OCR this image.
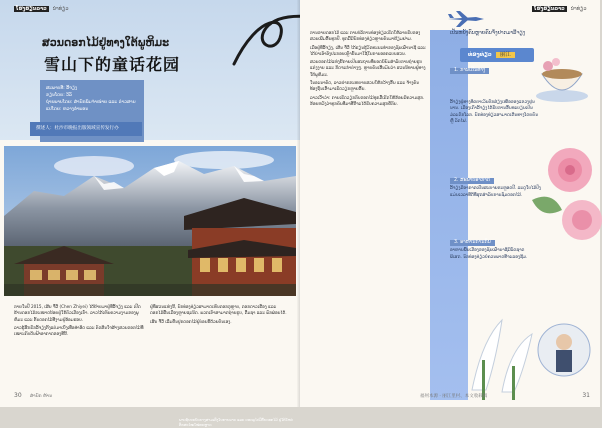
ໂຮງຮຽນລາວ	ນຳທ່ຽວ
ສວນດອກໄມ້ຢູ່ທາງໃຕ້ພູຫິມະ
雪山下的童话花园
ສະພາບທີ່: ລີ້ຈຽງ
ຂຽນໂດຍ: ວິລ໌
ຖ່າຍພາບໂດຍ: ສຳນັກພິມຈຳໜ່າຍ ແລະ ຂ່າວສານ
ແປໂດຍ: ຫວາງອຳພອນ
撰述人：杜沙市晚报出版领域宣传发行办
ພາບຊົນນະບົດນາງສາມເຄິ່ງໃນການລາຍ ແລະ ຍອດພູໄປມີຕົ້ນດອກໄມ້ ຢູ່ໃກ້ໃຫຍ່ ຕຶກສະໄໝໃໝ່ຕະຫຼາດ

ກາຍໃນປີ 2015, ເສີນ ຈື່ວີ່ (Chen Zhiyei) ໄດ້ຍ້າຍມາຢູ່ທີ່ລີ້ຈຽງ ແລະ ເປີດຮ້ານດອກໄມ້ຂະໜາດນ້ອຍຢູ່ໃກ້ຕົວເມືອງເກົ່າ. ລາວໄດ້ເຫັນຄວາມງາມຂອງພູຫິມະ ແລະ ຕົ້ນດອກໄມ້ທີ່ງາມຢູ່ອ້ອມຮອບ.

ລາວຮູ້ສຶກຮັກລີ້ຈຽງຕັ້ງແຕ່ມາເບິ່ງເທື່ອທຳອິດ ແລະ ຕັດສິນໃຈສ້າງສວນດອກໄມ້ທີ່ເໝາະກັບດິນຟ້າອາກາດຂອງທີ່ນີ້.

ຢູ່ທີ່ສວນແຫ່ງນີ້, ນັກທ່ອງທ່ຽວສາມາດເຫັນດອກກຸຫຼາບ, ດອກດາວເຮືອງ ແລະ ດອກໄມ້ພື້ນເມືອງຫຼາຍຊະນິດ. ພວກເຂົາສາມາດຖ່າຍຮູບ, ດື່ມຊາ ແລະ ພັກຜ່ອນໄດ້.

ເສີນ ຈື່ວີ່ ເລີ່ມຕົ້ນປູກດອກໄມ້ຢູ່ບ່ອນນີ້ດ້ວຍຕົນເອງ.

30 ສຳນັກ ຫ້ານ
ໂຮງຮຽນລາວ	ນຳທ່ຽວ

ການຂາຍດອກໄມ້ ແລະ ການບໍລິການທ່ອງທ່ຽວເຮັດໃຫ້ລາຍຮັບຂອງສວນເພີ່ມຂຶ້ນທຸກປີ. ທຸກມື້ມີນັກທ່ອງທ່ຽວຫຼາຍຄົນມາຢ້ຽມຢາມ.

ເມື່ອຢູ່ທີ່ລີ້ຈຽງ, ເສີນ ຈື່ວີ່ ໄດ້ຮຽນຮູ້ວັດທະນະທຳຂອງຊົນເຜົ່ານາຊີ ແລະ ໄດ້ນຳເອົາອົງປະກອບເຫຼົ່ານັ້ນມາໃຊ້ໃນການອອກແບບສວນ.

ສວນດອກໄມ້ແຫ່ງນີ້ກາຍເປັນສະຖານທີ່ຍອດນິຍົມສຳລັບການຖ່າຍຮູບແຕ່ງງານ ແລະ ກິດຈະກຳຕ່າງໆ. ຫຼາຍຄົນເອີ້ນມັນວ່າ ສວນນິທານຢູ່ທາງໃຕ້ພູຫິມະ.

ໃນອະນາຄົດ, ລາວຢາກຂະຫຍາຍສວນໃຫ້ກວ້າງຂຶ້ນ ແລະ ຈ້າງຄົນທ້ອງຖິ່ນເຂົ້າມາເຮັດວຽກຫຼາຍຂຶ້ນ.

ລາວເວົ້າວ່າ: ການເຮັດວຽກກັບດອກໄມ້ທຸກມື້ເຮັດໃຫ້ຂ້ອຍມີຄວາມສຸກ. ຂ້ອຍຫວັງວ່າທຸກຄົນທີ່ມາທີ່ນີ້ຈະໄດ້ຮັບຄວາມສຸກຄືກັນ.

ເປັນຫຍັງຄົນຫຼາຍຄົນຈຶ່ງຢາກມາລີ້ຈຽງ
ທ່ອງທ່ຽວ 丽江
1. ການເດີນທາງ
ລີ້ຈຽງຢູ່ທາງທິດຕາເວັນຕົກສ່ຽງເໜືອຂອງແຂວງຢຸນນານ. ເມືອງເກົ່າລີ້ຈຽງໄດ້ຮັບການຂຶ້ນທະບຽນເປັນມໍລະດົກໂລກ. ນັກທ່ອງທ່ຽວສາມາດເດີນທາງໂດຍຍົນ ຫຼື ລົດໄຟ.
2. ສະພາບອາກາດ
ລີ້ຈຽງມີອາກາດເຢັນສະບາຍຕະຫຼອດປີ. ລະດູໃບໄມ້ປົ່ງແມ່ນເວລາທີ່ດີທີ່ສຸດສຳລັບການຊົມດອກໄມ້.
3. ອາຫານການກິນ
ອາຫານພື້ນເມືອງຂອງຊົນເຜົ່ານາຊີມີລົດຊາດພິເສດ. ນັກທ່ອງທ່ຽວບໍ່ຄວນພາດທີ່ຈະລອງຊີມ.
31
福州本源 · 丽江里村、本文收载稿
